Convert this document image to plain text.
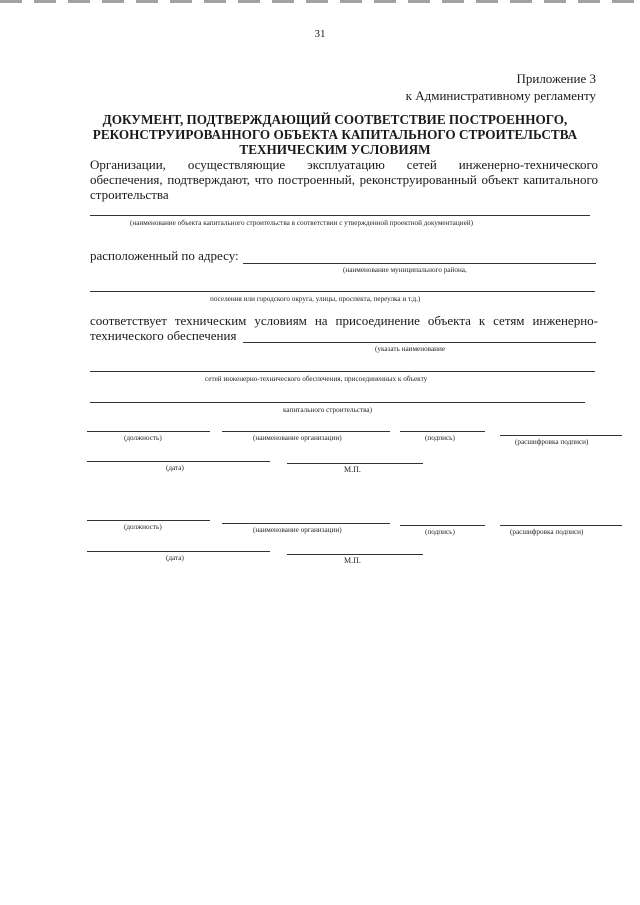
31
Приложение 3
к Административному регламенту
ДОКУМЕНТ, ПОДТВЕРЖДАЮЩИЙ СООТВЕТСТВИЕ ПОСТРОЕННОГО,
РЕКОНСТРУИРОВАННОГО ОБЪЕКТА КАПИТАЛЬНОГО СТРОИТЕЛЬСТВА
ТЕХНИЧЕСКИМ УСЛОВИЯМ
Организации, осуществляющие эксплуатацию сетей инженерно-технического
обеспечения, подтверждают, что построенный, реконструированный объект капитального
строительства
(наименование объекта капитального строительства в соответствии с утвержденной проектной документацией)
расположенный по адресу:
(наименование муниципального района,
поселения или городского округа, улицы, проспекта, переулка и т.д.)
соответствует техническим условиям на присоединение объекта к сетям инженерно-
технического обеспечения
(указать наименование
сетей инженерно-технического обеспечения, присоединенных к объекту
капитального строительства)
(должность)	(наименование организации)	(подпись)	(расшифровка подписи)
(дата)	М.П.
(должность)	(наименование организации)	(подпись)	(расшифровка подписи)
(дата)	М.П.
